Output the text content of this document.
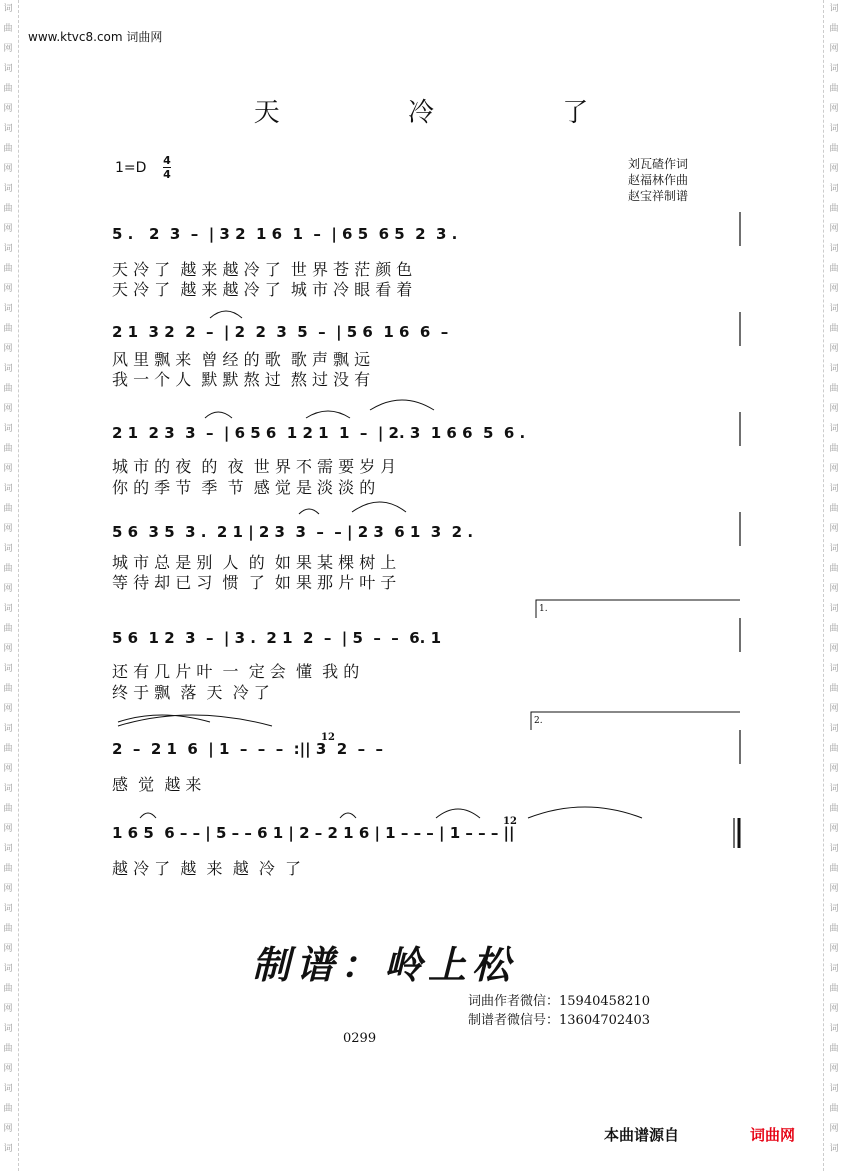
词
曲
网
词
曲
网
词
曲
网
词
曲
网
词
曲
网
词
曲
网
词
曲
网
词
曲
网
词
曲
网
词
曲
网
词
曲
网
词
曲
网
词
曲
网
词
曲
网
词
曲
网
词
曲
网
词
曲
网
词
曲
网
词
曲
网
词
词
曲
网
词
曲
网
词
曲
网
词
曲
网
词
曲
网
词
曲
网
词
曲
网
词
曲
网
词
曲
网
词
曲
网
词
曲
网
词
曲
网
词
曲
网
词
曲
网
词
曲
网
词
曲
网
词
曲
网
词
曲
网
词
曲
网
词
www.ktvc8.com 词曲网
天 冷 了
1=D 4
4
刘瓦碴作词
赵福林作曲
赵宝祥制谱
5 .   2  3  –  | 3 2  1 6  1  –  | 6 5  6 5  2  3 .
2 1  3 2  2  –  | 2  2  3  5  –  | 5 6  1 6  6  –
2 1  2 3  3  –  | 6 5 6  1 2 1  1  –  | 2. 3  1 6 6  5  6 .
5 6  3 5  3 .  2 1 | 2 3  3  –  – | 2 3  6 1  3  2 .
5 6  1 2  3  –  | 3 .  2 1  2  –  | 5  –  –  6. 1
2  –  2 1  6  | 1  –  –  –  :|| 3  2  –  –
1 6 5  6 – – | 5 – – 6 1 | 2 – 2 1 6 | 1 – – – | 1 – – – ||
1.
2.
12
12
天 冷 了  越 来 越 冷 了  世 界 苍 茫 颜 色
天 冷 了  越 来 越 冷 了  城 市 冷 眼 看 着
风 里 飘 来  曾 经 的 歌  歌 声 飘 远
我 一 个 人  默 默 熬 过  熬 过 没 有
城 市 的 夜  的  夜  世 界 不 需 要 岁 月
你 的 季 节  季  节  感 觉 是 淡 淡 的
城 市 总 是 别  人  的  如 果 某 棵 树 上
等 待 却 已 习  惯  了  如 果 那 片 叶 子
还 有 几 片 叶  一  定 会  懂  我 的
终 于 飘  落  天  冷 了
感  觉  越 来
越 冷 了  越  来  越  冷  了
制谱：岭上松
词曲作者微信：15940458210
制谱者微信号：13604702403
0299
本曲谱源自	词曲网
